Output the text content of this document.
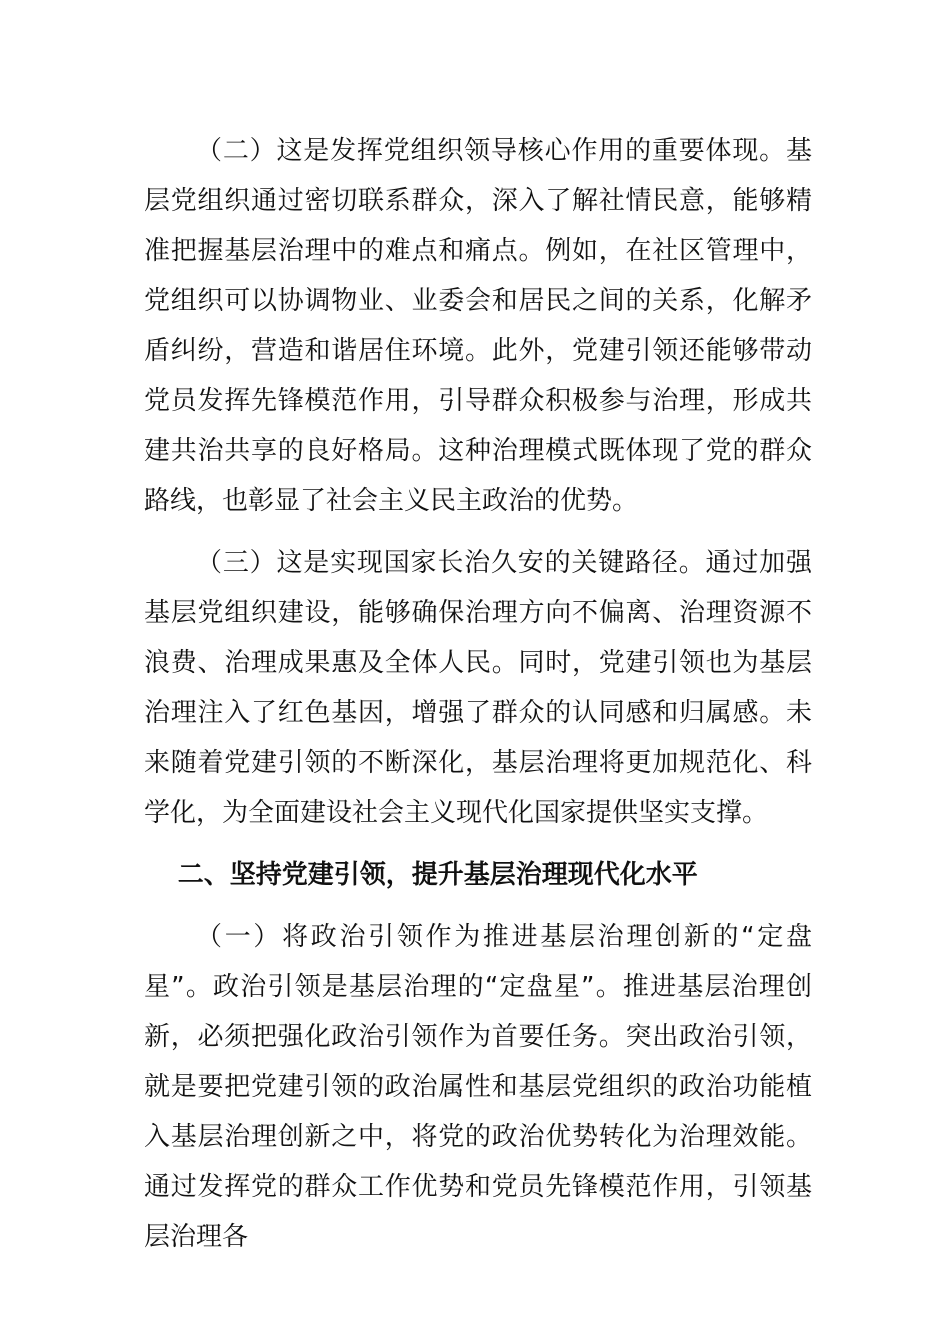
（二）这是发挥党组织领导核心作用的重要体现。基层党组织通过密切联系群众，深入了解社情民意，能够精准把握基层治理中的难点和痛点。例如，在社区管理中，党组织可以协调物业、业委会和居民之间的关系，化解矛盾纠纷，营造和谐居住环境。此外，党建引领还能够带动党员发挥先锋模范作用，引导群众积极参与治理，形成共建共治共享的良好格局。这种治理模式既体现了党的群众路线，也彰显了社会主义民主政治的优势。

（三）这是实现国家长治久安的关键路径。通过加强基层党组织建设，能够确保治理方向不偏离、治理资源不浪费、治理成果惠及全体人民。同时，党建引领也为基层治理注入了红色基因，增强了群众的认同感和归属感。未来随着党建引领的不断深化，基层治理将更加规范化、科学化，为全面建设社会主义现代化国家提供坚实支撑。

二、坚持党建引领，提升基层治理现代化水平

（一）将政治引领作为推进基层治理创新的“定盘星”。政治引领是基层治理的“定盘星”。推进基层治理创新，必须把强化政治引领作为首要任务。突出政治引领，就是要把党建引领的政治属性和基层党组织的政治功能植入基层治理创新之中，将党的政治优势转化为治理效能。通过发挥党的群众工作优势和党员先锋模范作用，引领基层治理各
